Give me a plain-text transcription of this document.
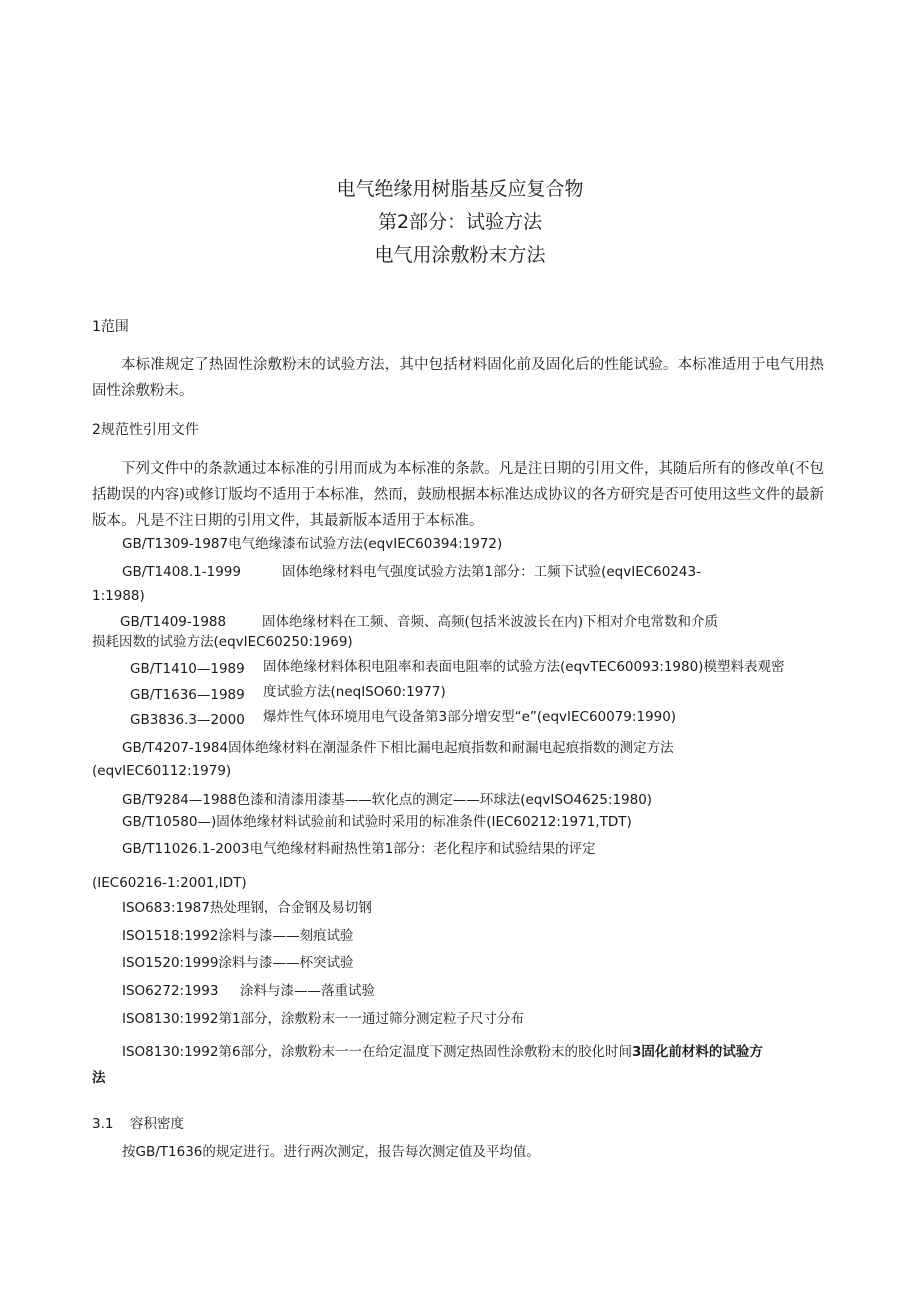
电气绝缘用树脂基反应复合物
第2部分：试验方法
电气用涂敷粉末方法
1范围
本标准规定了热固性涂敷粉末的试验方法，其中包括材料固化前及固化后的性能试验。本标准适用于电气用热固性涂敷粉末。
2规范性引用文件
下列文件中的条款通过本标准的引用而成为本标准的条款。凡是注日期的引用文件，其随后所有的修改单(不包括勘误的内容)或修订版均不适用于本标准，然而，鼓励根据本标准达成协议的各方研究是否可使用这些文件的最新版本。凡是不注日期的引用文件，其最新版本适用于本标准。
GB/T1309-1987电气绝缘漆布试验方法(eqvIEC60394:1972)
GB/T1408.1-1999	固体绝缘材料电气强度试验方法第1部分：工频下试验(eqvIEC60243-
1:1988)
GB/T1409-1988	固体绝缘材料在工频、音频、高频(包括米波波长在内)下相对介电常数和介质
损耗因数的试验方法(eqvIEC60250:1969)
GB/T1410—1989 固体绝缘材料体积电阻率和表面电阻率的试验方法(eqvTEC60093:1980)模塑料表观密
GB/T1636—1989 度试验方法(neqISO60:1977)
GB3836.3—2000 爆炸性气体环境用电气设备第3部分增安型“e”(eqvIEC60079:1990)
GB/T4207-1984固体绝缘材料在潮湿条件下相比漏电起痕指数和耐漏电起痕指数的测定方法
(eqvIEC60112:1979)
GB/T9284—1988色漆和清漆用漆基——软化点的测定——环球法(eqvISO4625:1980)
GB/T10580—)固体绝缘材料试验前和试验时采用的标准条件(IEC60212:1971,TDT)
GB/T11026.1-2003电气绝缘材料耐热性第1部分：老化程序和试验结果的评定
(IEC60216-1:2001,IDT)
ISO683:1987热处理钢，合金钢及易切钢
ISO1518:1992涂料与漆——刻痕试验
ISO1520:1999涂料与漆——杯突试验
ISO6272:1993 涂料与漆——落重试验
ISO8130:1992第1部分，涂敷粉末一一通过筛分测定粒子尺寸分布
ISO8130:1992第6部分，涂敷粉末一一在给定温度下测定热固性涂敷粉末的胶化时间3固化前材料的试验方
法
3.1 容积密度
按GB/T1636的规定进行。进行两次测定，报告每次测定值及平均值。
